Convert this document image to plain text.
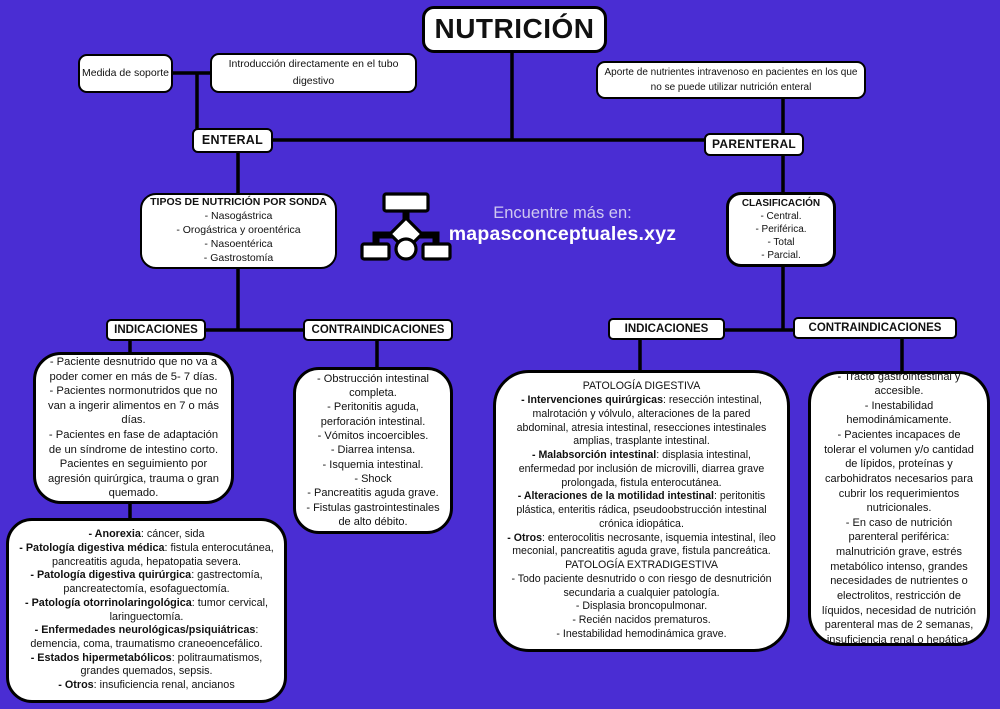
NUTRICIÓN
Medida de soporte
Introducción directamente en el tubo digestivo
Aporte de nutrientes intravenoso en pacientes en los que no se puede utilizar nutrición enteral
ENTERAL	PARENTERAL
TIPOS DE NUTRICIÓN POR SONDA
- Nasogástrica
- Orogástrica y oroentérica
- Nasoentérica
- Gastrostomía
CLASIFICACIÓN
- Central.
- Periférica.
- Total
- Parcial.
Encuentre más en:
mapasconceptuales.xyz
INDICACIONES	CONTRAINDICACIONES	INDICACIONES	CONTRAINDICACIONES
- Paciente desnutrido que no va a poder comer en más de 5- 7 días.
- Pacientes normonutridos que no van a ingerir alimentos en 7 o más días.
- Pacientes en fase de adaptación de un síndrome de intestino corto. Pacientes en seguimiento por agresión quirúrgica, trauma o gran quemado.
- Anorexia: cáncer, sida
- Patología digestiva médica: fistula enterocutánea, pancreatitis aguda, hepatopatia severa.
- Patología digestiva quirúrgica: gastrectomía, pancreatectomía, esofaguectomía.
- Patología otorrinolaringológica: tumor cervical, laringuectomía.
- Enfermedades neurológicas/psiquiátricas: demencia, coma, traumatismo craneoencefálico.
- Estados hipermetabólicos: politraumatismos, grandes quemados, sepsis.
- Otros: insuficiencia renal, ancianos
- Obstrucción intestinal completa.
- Peritonitis aguda, perforación intestinal.
- Vómitos incoercibles.
- Diarrea intensa.
- Isquemia intestinal.
- Shock
- Pancreatitis aguda grave.
- Fistulas gastrointestinales de alto débito.
PATOLOGÍA DIGESTIVA
- Intervenciones quirúrgicas: resección intestinal, malrotación y vólvulo, alteraciones de la pared abdominal, atresia intestinal, resecciones intestinales amplias, trasplante intestinal.
- Malabsorción intestinal: displasia intestinal, enfermedad por inclusión de microvilli, diarrea grave prolongada, fistula enterocutánea.
- Alteraciones de la motilidad intestinal: peritonitis plástica, enteritis rádica, pseudoobstrucción intestinal crónica idiopática.
- Otros: enterocolitis necrosante, isquemia intestinal, íleo meconial, pancreatitis aguda grave, fistula pancreática.
PATOLOGÍA EXTRADIGESTIVA
- Todo paciente desnutrido o con riesgo de desnutrición secundaria a cualquier patología.
- Displasia broncopulmonar.
- Recién nacidos prematuros.
- Inestabilidad hemodinámica grave.
- Tracto gastrointestinal y accesible.
- Inestabilidad hemodinámicamente.
- Pacientes incapaces de tolerar el volumen y/o cantidad de lípidos, proteínas y carbohidratos necesarios para cubrir los requerimientos nutricionales.
- En caso de nutrición parenteral periférica: malnutrición grave, estrés metabólico intenso, grandes necesidades de nutrientes o electrolitos, restricción de líquidos, necesidad de nutrición parenteral mas de 2 semanas, insuficiencia renal o hepática.
